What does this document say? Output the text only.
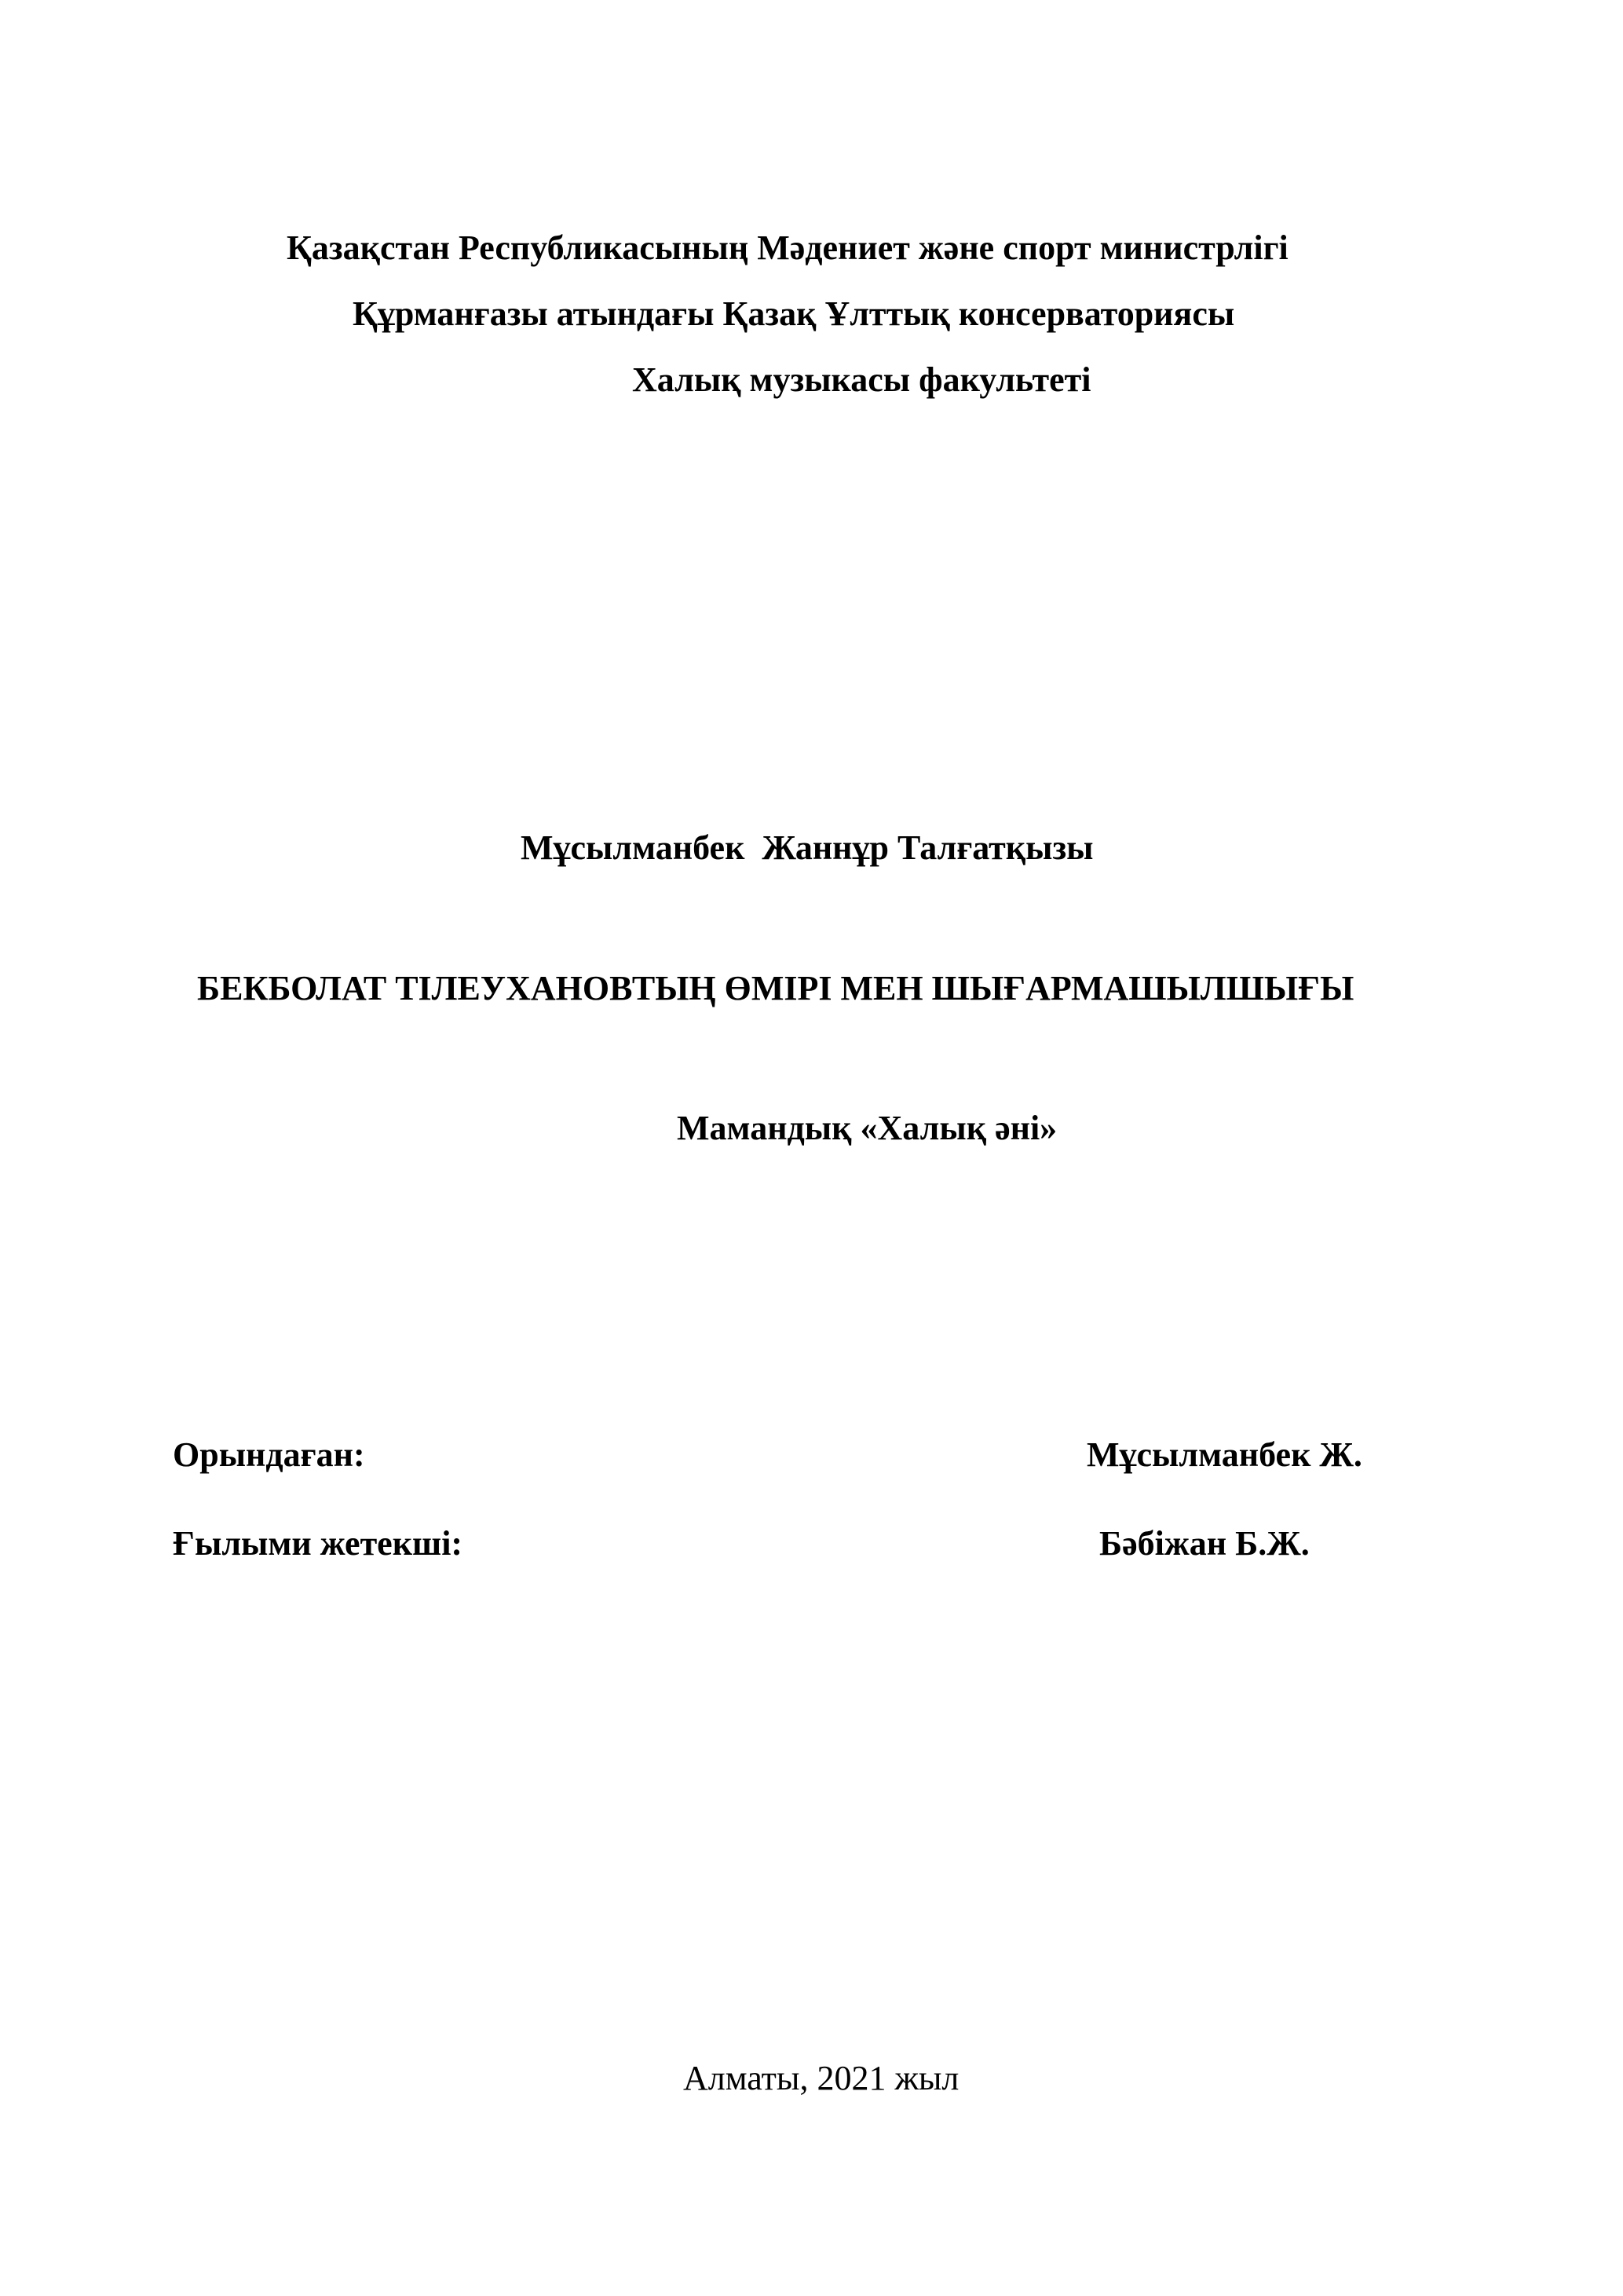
Қазақстан Республикасының Мәдениет және спорт министрлігі
Құрманғазы атындағы Қазақ Ұлттық консерваториясы
Халық музыкасы факультеті
Мұсылманбек  Жаннұр Талғатқызы
БЕКБОЛАТ ТІЛЕУХАНОВТЫҢ ӨМІРІ МЕН ШЫҒАРМАШЫЛШЫҒЫ
Мамандық «Халық әні»
Орындаған:	Мұсылманбек Ж.
Ғылыми жетекші:	Бәбіжан Б.Ж.
Алматы, 2021 жыл
